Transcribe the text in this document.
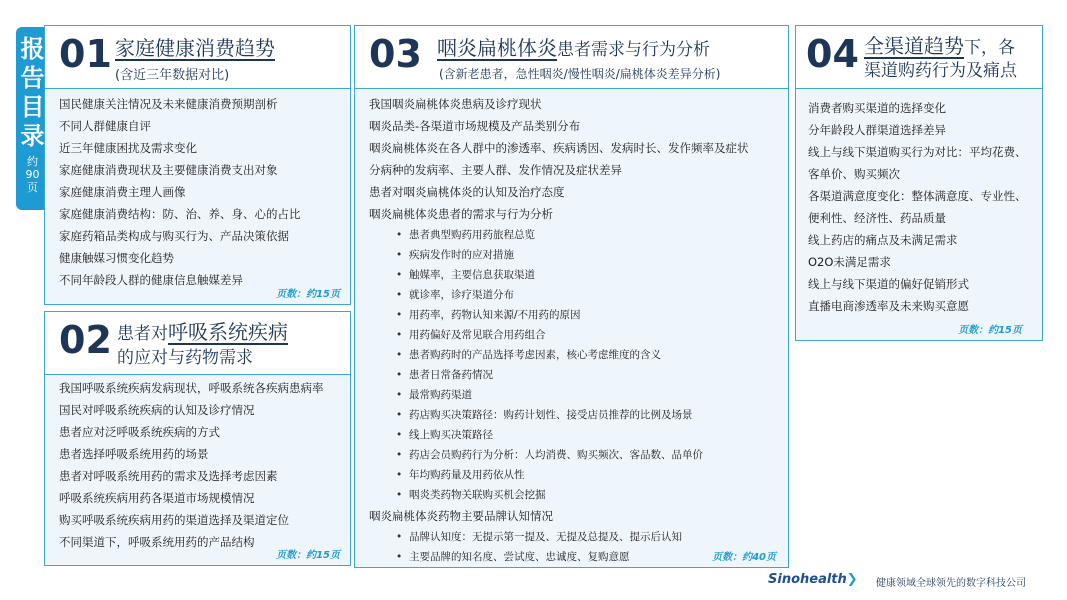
报
告
目
录
约
90
页
01 家庭健康消费趋势
(含近三年数据对比)
国民健康关注情况及未来健康消费预期剖析
不同人群健康自评
近三年健康困扰及需求变化
家庭健康消费现状及主要健康消费支出对象
家庭健康消费主理人画像
家庭健康消费结构：防、治、养、身、心的占比
家庭药箱品类构成与购买行为、产品决策依据
健康触媒习惯变化趋势
不同年龄段人群的健康信息触媒差异
页数：约15页
02 患者对呼吸系统疾病
的应对与药物需求
我国呼吸系统疾病发病现状，呼吸系统各疾病患病率
国民对呼吸系统疾病的认知及诊疗情况
患者应对泛呼吸系统疾病的方式
患者选择呼吸系统用药的场景
患者对呼吸系统用药的需求及选择考虑因素
呼吸系统疾病用药各渠道市场规模情况
购买呼吸系统疾病用药的渠道选择及渠道定位
不同渠道下，呼吸系统用药的产品结构
页数：约15页
03 咽炎扁桃体炎患者需求与行为分析
(含新老患者，急性咽炎/慢性咽炎/扁桃体炎差异分析)
我国咽炎扁桃体炎患病及诊疗现状
咽炎品类-各渠道市场规模及产品类别分布
咽炎扁桃体炎在各人群中的渗透率、疾病诱因、发病时长、发作频率及症状
分病种的发病率、主要人群、发作情况及症状差异
患者对咽炎扁桃体炎的认知及治疗态度
咽炎扁桃体炎患者的需求与行为分析
• 患者典型购药用药旅程总览
• 疾病发作时的应对措施
• 触媒率，主要信息获取渠道
• 就诊率，诊疗渠道分布
• 用药率，药物认知来源/不用药的原因
• 用药偏好及常见联合用药组合
• 患者购药时的产品选择考虑因素，核心考虑维度的含义
• 患者日常备药情况
• 最常购药渠道
• 药店购买决策路径：购药计划性、接受店员推荐的比例及场景
• 线上购买决策路径
• 药店会员购药行为分析：人均消费、购买频次、客品数、品单价
• 年均购药量及用药依从性
• 咽炎类药物关联购买机会挖掘
咽炎扁桃体炎药物主要品牌认知情况
• 品牌认知度：无提示第一提及、无提及总提及、提示后认知
• 主要品牌的知名度、尝试度、忠诚度、复购意愿	页数：约40页
04 全渠道趋势下，各
渠道购药行为及痛点
消费者购买渠道的选择变化
分年龄段人群渠道选择差异
线上与线下渠道购买行为对比：平均花费、
客单价、购买频次
各渠道满意度变化：整体满意度、专业性、
便利性、经济性、药品质量
线上药店的痛点及未满足需求
O2O未满足需求
线上与线下渠道的偏好促销形式
直播电商渗透率及未来购买意愿
页数：约15页
Sinohealth❯ 健康领域全球领先的数字科技公司
